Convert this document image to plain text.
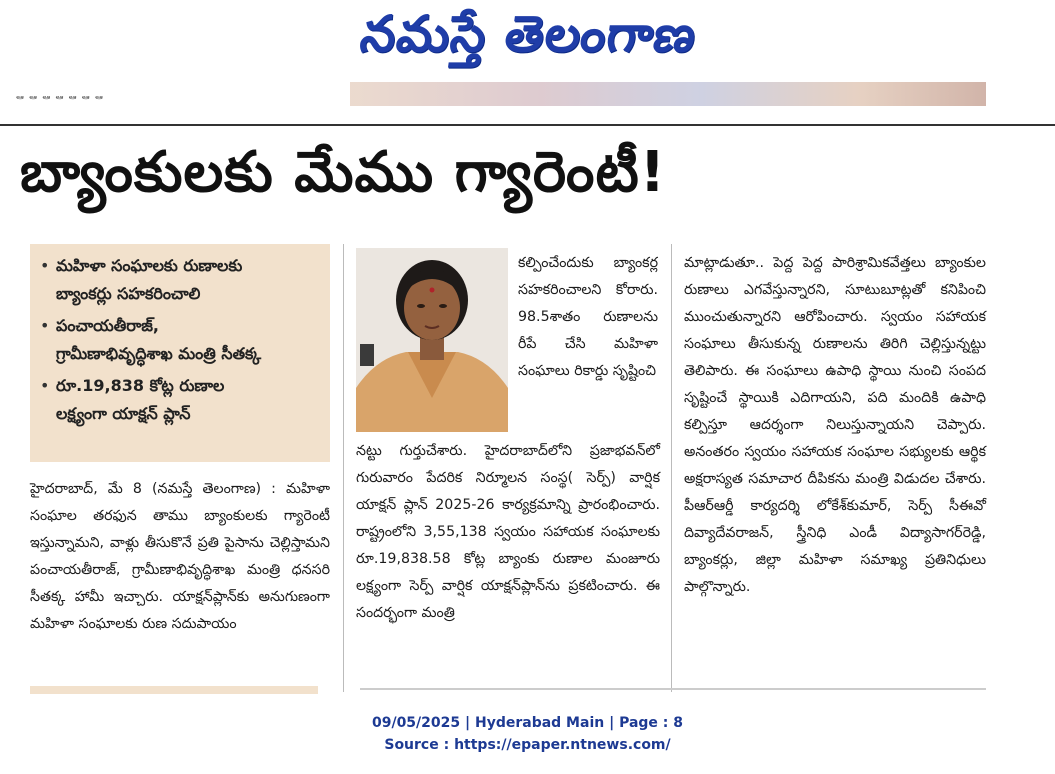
నమస్తే తెలంగాణ
ఆ ఆ ఆ ఆ ఆ ఆ ఆ
బ్యాంకులకు మేము గ్యారెంటీ!
• మహిళా సంఘాలకు రుణాలకు
బ్యాంకర్లు సహకరించాలి
• పంచాయతీరాజ్,
గ్రామీణాభివృద్ధిశాఖ మంత్రి సీతక్క
• రూ.19,838 కోట్ల రుణాల
లక్ష్యంగా యాక్షన్ ప్లాన్

హైదరాబాద్, మే 8 (నమస్తే తెలంగాణ) : మహిళా సంఘాల తరఫున తాము బ్యాంకులకు గ్యారెంటీ ఇస్తున్నామని, వాళ్లు తీసుకొనే ప్రతి పైసాను చెల్లిస్తామని పంచాయతీరాజ్, గ్రామీణాభివృద్ధిశాఖ మంత్రి ధనసరి సీతక్క హామీ ఇచ్చారు. యాక్షన్‌ప్లాన్‌కు అనుగుణంగా మహిళా సంఘాలకు రుణ సదుపాయం

కల్పించేందుకు బ్యాంకర్ల సహకరించాలని కోరారు. 98.5శాతం రుణాలను రీపే చేసి మహిళా సంఘాలు రికార్డు సృష్టించి

నట్టు గుర్తుచేశారు. హైదరాబాద్‌లోని ప్రజాభవన్‌లో గురువారం పేదరిక నిర్మూలన సంస్థ( సెర్ప్) వార్షిక యాక్షన్ ప్లాన్ 2025-26 కార్యక్రమాన్ని ప్రారంభించారు. రాష్ట్రంలోని 3,55,138 స్వయం సహాయక సంఘాలకు రూ.19,838.58 కోట్ల బ్యాంకు రుణాల మంజూరు లక్ష్యంగా సెర్ప్ వార్షిక యాక్షన్‌ప్లాన్‌ను ప్రకటించారు. ఈ సందర్భంగా మంత్రి

మాట్లాడుతూ.. పెద్ద పెద్ద పారిశ్రామికవేత్తలు బ్యాంకుల రుణాలు ఎగవేస్తున్నారని, సూటుబూట్లతో కనిపించి ముంచుతున్నారని ఆరోపించారు. స్వయం సహాయక సంఘాలు తీసుకున్న రుణాలను తిరిగి చెల్లిస్తున్నట్టు తెలిపారు. ఈ సంఘాలు ఉపాధి స్థాయి నుంచి సంపద సృష్టించే స్థాయికి ఎదిగాయని, పది మందికి ఉపాధి కల్పిస్తూ ఆదర్శంగా నిలుస్తున్నాయని చెప్పారు. అనంతరం స్వయం సహాయక సంఘాల సభ్యులకు ఆర్థిక అక్షరాస్యత సమాచార దీపికను మంత్రి విడుదల చేశారు. పీఆర్‌ఆర్డీ కార్యదర్శి లోకేశ్‌కుమార్, సెర్ప్ సీఈవో దివ్యాదేవరాజన్, స్త్రీనిధి ఎండీ విద్యాసాగర్‌రెడ్డి, బ్యాంకర్లు, జిల్లా మహిళా సమాఖ్య ప్రతినిధులు పాల్గొన్నారు.

09/05/2025 | Hyderabad Main | Page : 8
Source : https://epaper.ntnews.com/
